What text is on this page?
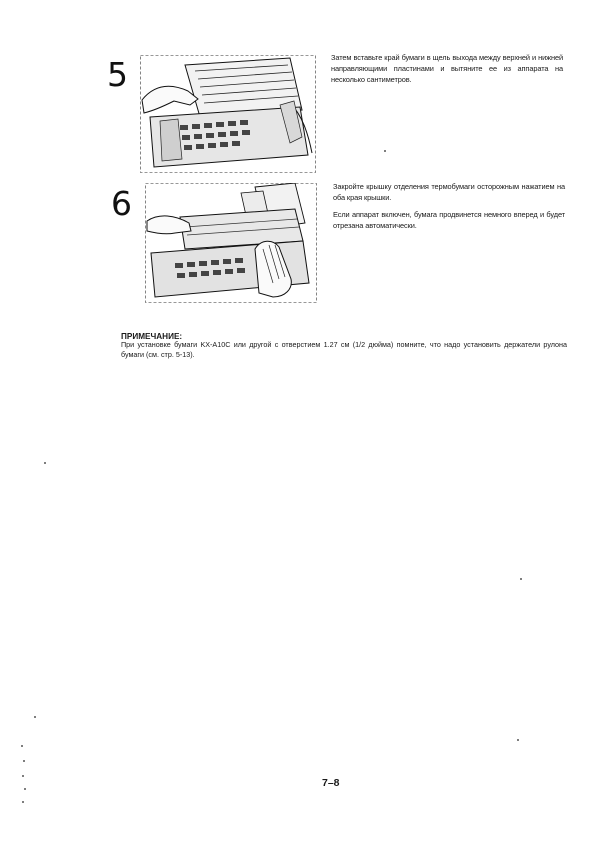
5	Затем вставьте край бумаги в щель выхода между верхней и нижней направляющими пластинами и вытяните ее из аппарата на несколько сантиметров.

6	Закройте крышку отделения термобумаги осторожным нажатием на оба края крышки.

Если аппарат включен, бумага продвинется немного вперед и будет отрезана автоматически.

ПРИМЕЧАНИЕ:
При установке бумаги KX-A10C или другой с отверстием 1.27 см (1/2 дюйма) помните, что надо установить держатели рулона бумаги (см. стр. 5-13).
7–8
